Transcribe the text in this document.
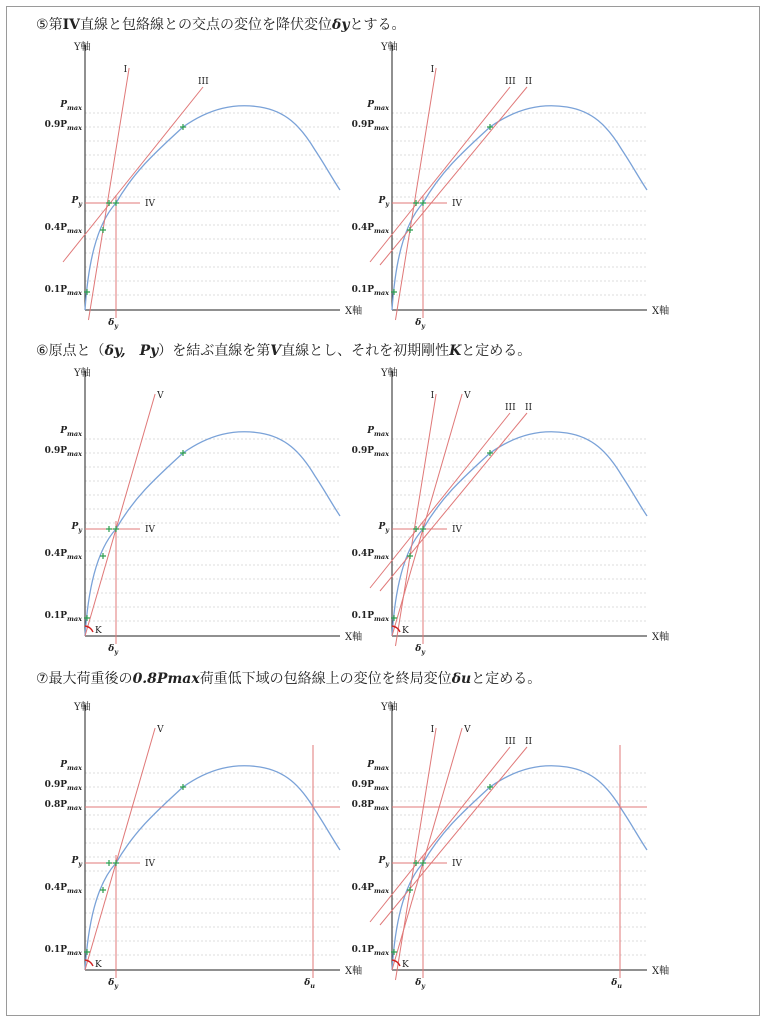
⑤第IV直線と包絡線との交点の変位を降伏変位δyとする。
⑥原点と（δy,　Py）を結ぶ直線を第V直線とし、それを初期剛性Kと定める。
⑦最大荷重後の0.8Pmax荷重低下域の包絡線上の変位を終局変位δuと定める。
Y軸
X軸
$P_{max}$
$0.9P_{max}$
$P_y$
$0.4P_{max}$
$0.1P_{max}$
IV
$\delta_y$
I
III
Y軸
X軸
$P_{max}$
$0.9P_{max}$
$P_y$
$0.4P_{max}$
$0.1P_{max}$
IV
$\delta_y$
I
III II
Y軸
X軸
$P_{max}$
$0.9P_{max}$
$P_y$
$0.4P_{max}$
$0.1P_{max}$
IV
$\delta_y$
V
K
Y軸
X軸
$P_{max}$
$0.9P_{max}$
$P_y$
$0.4P_{max}$
$0.1P_{max}$
IV
$\delta_y$
I
III II
V
K
Y軸
X軸
$P_{max}$
$0.9P_{max}$
$0.8P_{max}$
$P_y$
$0.4P_{max}$
$0.1P_{max}$
IV
$\delta_y$
V
K
$\delta_u$
Y軸
X軸
$P_{max}$
$0.9P_{max}$
$0.8P_{max}$
$P_y$
$0.4P_{max}$
$0.1P_{max}$
IV
$\delta_y$
I
III II
V
K
$\delta_u$
